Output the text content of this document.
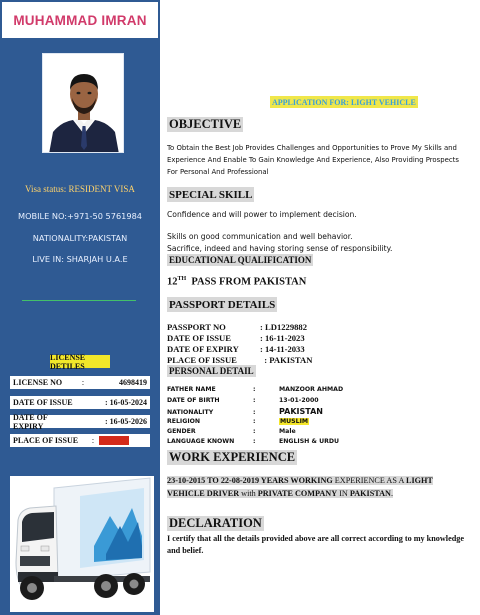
MUHAMMAD IMRAN
Visa status: RESIDENT VISA
MOBILE NO:+971-50 5761984
NATIONALITY:PAKISTAN
LIVE IN: SHARJAH U.A.E
LICENSE DETILES
LICENSE NO	:	4698419
DATE OF ISSUE	: 16-05-2024
DATE OF EXPIRY	: 16-05-2026
PLACE OF ISSUE	: DUBAI
APPLICATION FOR: LIGHT VEHICLE
OBJECTIVE
To Obtain the Best Job Provides Challenges and Opportunities to Prove My Skills and
Experience And Enable To Gain Knowledge And Experience, Also Providing Prospects
For Personal And Professional
SPECIAL SKILL
Confidence and will power to implement decision.
Skills on good communication and well behavior.
Sacrifice, indeed and having storing sense of responsibility.
EDUCATIONAL QUALIFICATION
12TH  PASS FROM PAKISTAN
PASSPORT DETAILS
PASSPORT NO	: LD1229882
DATE OF ISSUE	: 16-11-2023
DATE OF EXPIRY : 14-11-2033
PLACE OF ISSUE	: PAKISTAN
PERSONAL DETAIL
FATHER NAME	:	MANZOOR AHMAD
DATE OF BIRTH	:	13-01-2000
NATIONALITY	:	PAKISTAN
RELIGION	:	MUSLIM
GENDER	:	Male
LANGUAGE KNOWN	:	ENGLISH & URDU
WORK EXPERIENCE
23-10-2015 TO 22-08-2019 YEARS WORKING EXPERIENCE AS A LIGHT VEHICLE DRIVER with PRIVATE COMPANY IN PAKISTAN.
DECLARATION
I certify that all the details provided above are all correct according to my knowledge and belief.
